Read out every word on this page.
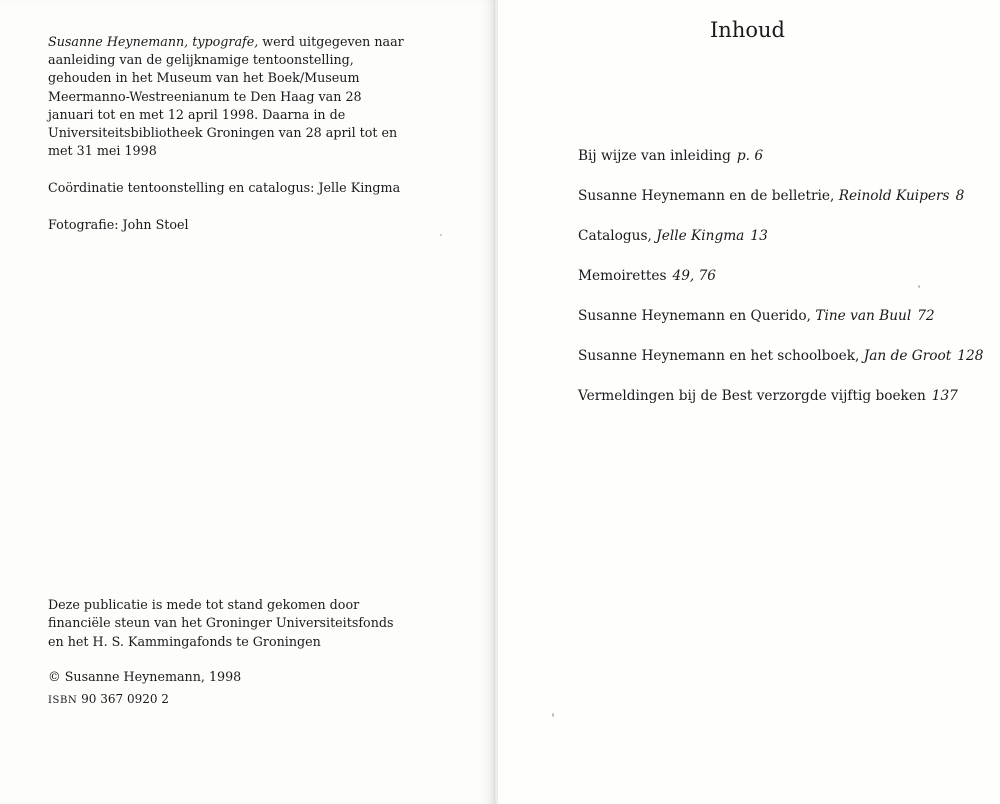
Susanne Heynemann, typografe, werd uitgegeven naar aanleiding van de gelijknamige tentoonstelling, gehouden in het Museum van het Boek/Museum Meermanno-Westreenianum te Den Haag van 28 januari tot en met 12 april 1998. Daarna in de Universiteitsbibliotheek Groningen van 28 april tot en met 31 mei 1998

Coördinatie tentoonstelling en catalogus: Jelle Kingma

Fotografie: John Stoel

Deze publicatie is mede tot stand gekomen door financiële steun van het Groninger Universiteitsfonds en het H. S. Kammingafonds te Groningen

© Susanne Heynemann, 1998

ISBN 90 367 0920 2

Inhoud
Bij wijze van inleiding p. 6
Susanne Heynemann en de belletrie, Reinold Kuipers 8
Catalogus, Jelle Kingma 13
Memoirettes 49, 76
Susanne Heynemann en Querido, Tine van Buul 72
Susanne Heynemann en het schoolboek, Jan de Groot 128
Vermeldingen bij de Best verzorgde vijftig boeken 137
